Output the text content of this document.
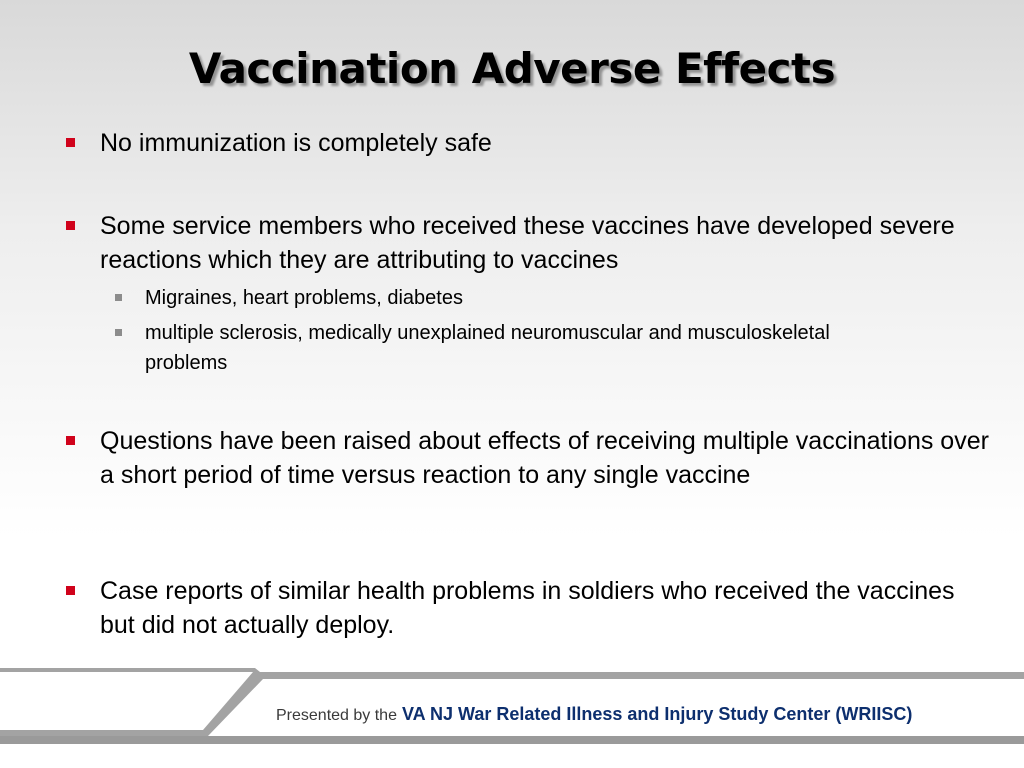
Vaccination Adverse Effects
No immunization is completely safe
Some service members who received these vaccines have developed severe reactions which they are attributing to vaccines
Migraines, heart problems, diabetes
multiple sclerosis, medically unexplained neuromuscular and musculoskeletal problems
Questions have been raised about effects of receiving multiple vaccinations over a short period of time versus reaction to any single vaccine
Case reports of similar health problems in soldiers who received the vaccines but did not actually deploy.
Presented by the VA NJ War Related Illness and Injury Study Center (WRIISC)
